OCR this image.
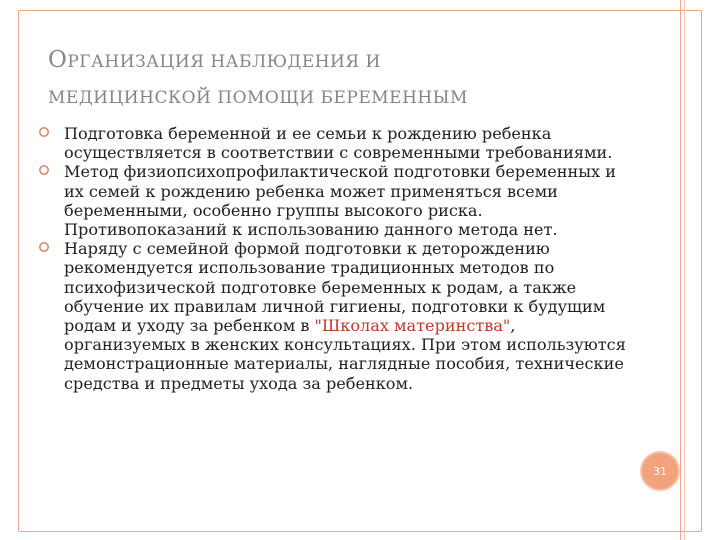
ОРГАНИЗАЦИЯ НАБЛЮДЕНИЯ И
МЕДИЦИНСКОЙ ПОМОЩИ БЕРЕМЕННЫМ
Подготовка беременной и ее семьи к рождению ребенка осуществляется в соответствии с современными требованиями.
Метод физиопсихопрофилактической подготовки беременных и их семей к рождению ребенка может применяться всеми беременными, особенно группы высокого риска. Противопоказаний к использованию данного метода нет.
Наряду с семейной формой подготовки к деторождению рекомендуется использование традиционных методов по психофизической подготовке беременных к родам, а также обучение их правилам личной гигиены, подготовки к будущим родам и уходу за ребенком в "Школах материнства", организуемых в женских консультациях. При этом используются демонстрационные материалы, наглядные пособия, технические средства и предметы ухода за ребенком.
31
